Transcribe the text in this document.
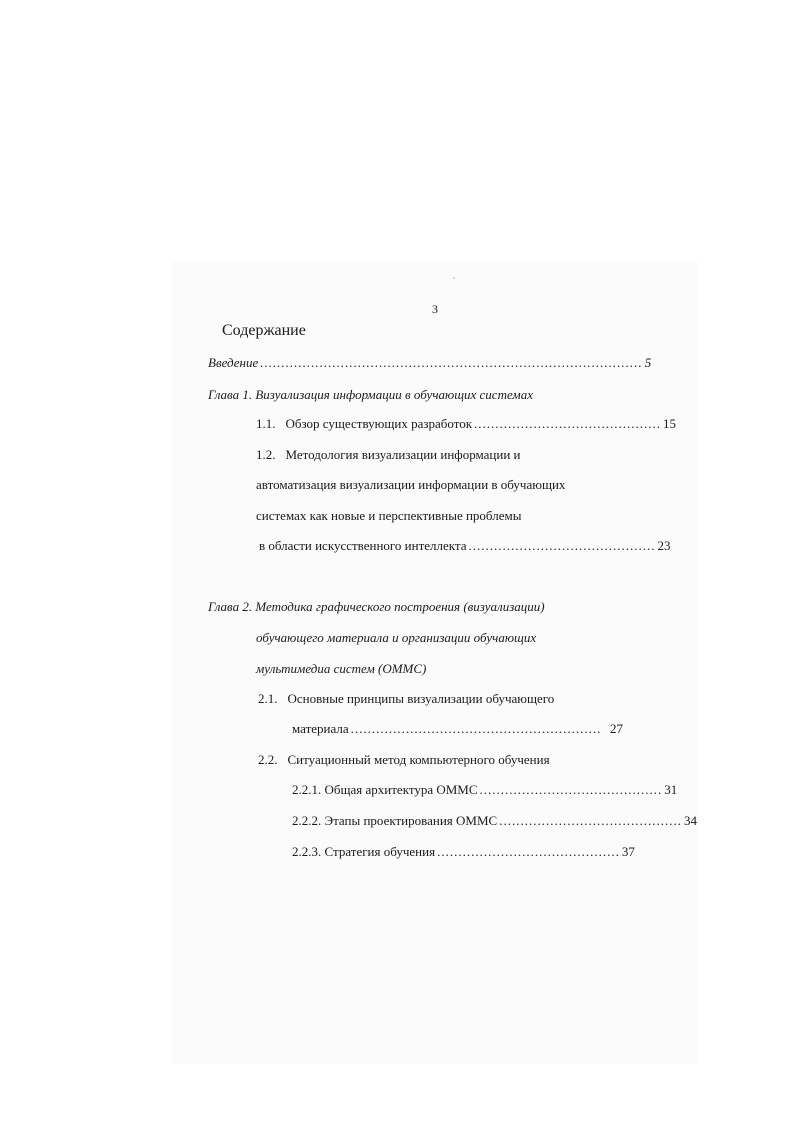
3
Содержание
Введение .......................................................................................... 5
Глава 1. Визуализация информации в обучающих системах
1.1. Обзор существующих разработок ............................................ 15
1.2. Методология визуализации информации и
автоматизация визуализации информации в обучающих
системах как новые и перспективные проблемы
в области искусственного интеллекта ............................................ 23
Глава 2. Методика графического построения (визуализации)
обучающего материала и организации обучающих
мультимедиа систем (ОММС)
2.1. Основные принципы визуализации обучающего
материала ........................................................... 27
2.2. Ситуационный метод компьютерного обучения
2.2.1. Общая архитектура ОММС ........................................... 31
2.2.2. Этапы проектирования ОММС ........................................... 34
2.2.3. Стратегия обучения ........................................... 37
